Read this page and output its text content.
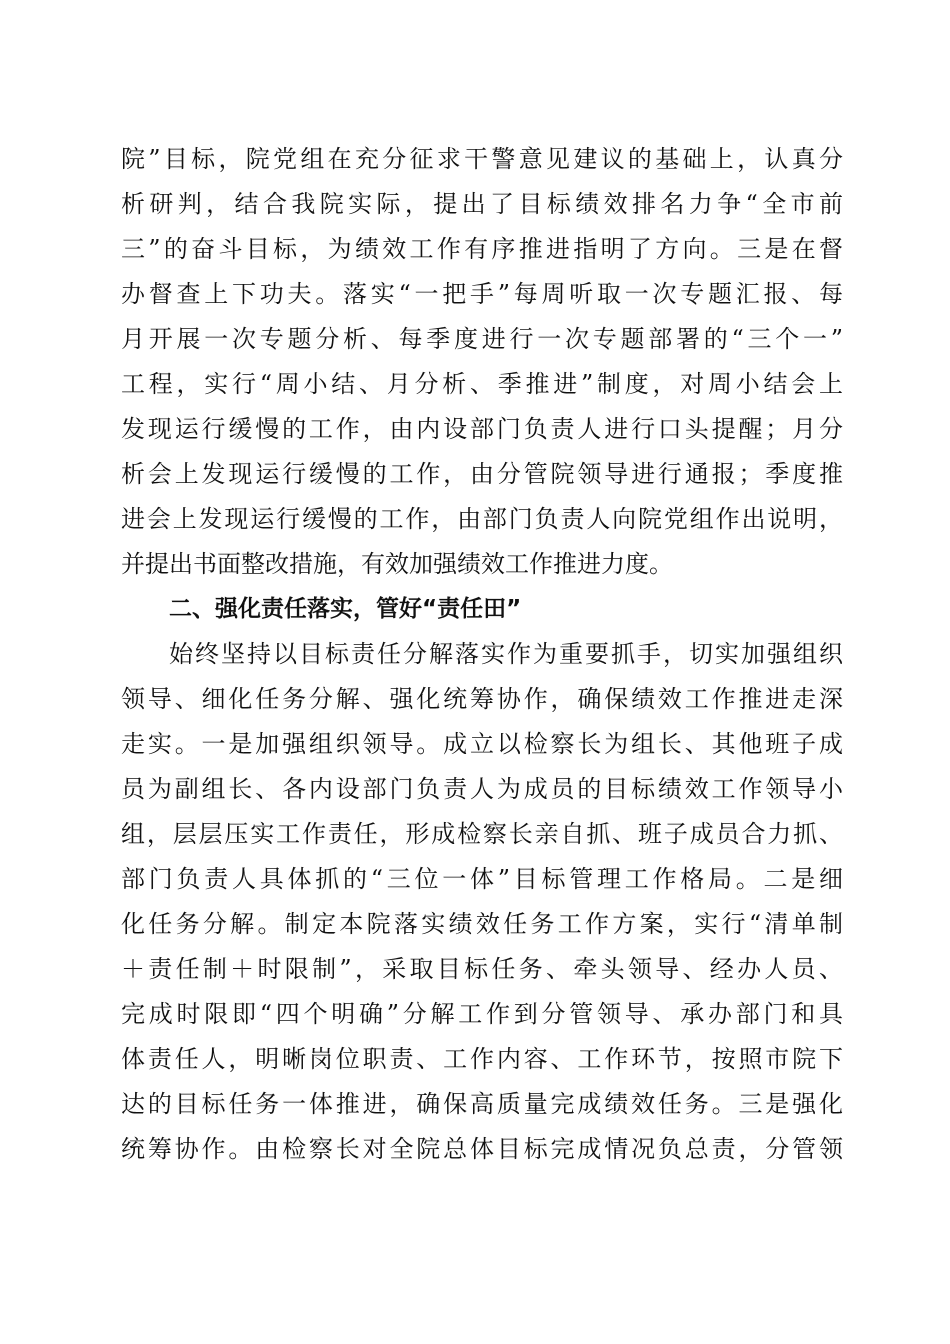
院”目标，院党组在充分征求干警意见建议的基础上，认真分
析研判，结合我院实际，提出了目标绩效排名力争“全市前
三”的奋斗目标，为绩效工作有序推进指明了方向。三是在督
办督查上下功夫。落实“一把手”每周听取一次专题汇报、每
月开展一次专题分析、每季度进行一次专题部署的“三个一”
工程，实行“周小结、月分析、季推进”制度，对周小结会上
发现运行缓慢的工作，由内设部门负责人进行口头提醒；月分
析会上发现运行缓慢的工作，由分管院领导进行通报；季度推
进会上发现运行缓慢的工作，由部门负责人向院党组作出说明，
并提出书面整改措施，有效加强绩效工作推进力度。
二、强化责任落实，管好“责任田”
始终坚持以目标责任分解落实作为重要抓手，切实加强组织
领导、细化任务分解、强化统筹协作，确保绩效工作推进走深
走实。一是加强组织领导。成立以检察长为组长、其他班子成
员为副组长、各内设部门负责人为成员的目标绩效工作领导小
组，层层压实工作责任，形成检察长亲自抓、班子成员合力抓、
部门负责人具体抓的“三位一体”目标管理工作格局。二是细
化任务分解。制定本院落实绩效任务工作方案，实行“清单制
＋责任制＋时限制”，采取目标任务、牵头领导、经办人员、
完成时限即“四个明确”分解工作到分管领导、承办部门和具
体责任人，明晰岗位职责、工作内容、工作环节，按照市院下
达的目标任务一体推进，确保高质量完成绩效任务。三是强化
统筹协作。由检察长对全院总体目标完成情况负总责，分管领
